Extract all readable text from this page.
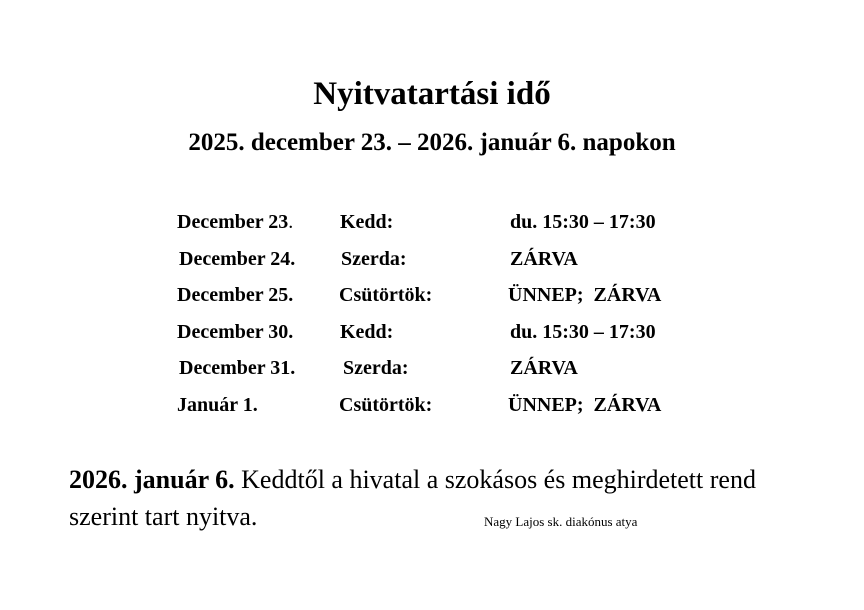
Nyitvatartási idő
2025. december 23. – 2026. január 6. napokon
December 23. Kedd:	du. 15:30 – 17:30
December 24. Szerda:	ZÁRVA
December 25. Csütörtök:	ÜNNEP;  ZÁRVA
December 30. Kedd:	du. 15:30 – 17:30
December 31. Szerda:	ZÁRVA
Január 1.	Csütörtök:	ÜNNEP;  ZÁRVA
2026. január 6. Keddtől a hivatal a szokásos és meghirdetett rend szerint tart nyitva.	Nagy Lajos sk. diakónus atya
